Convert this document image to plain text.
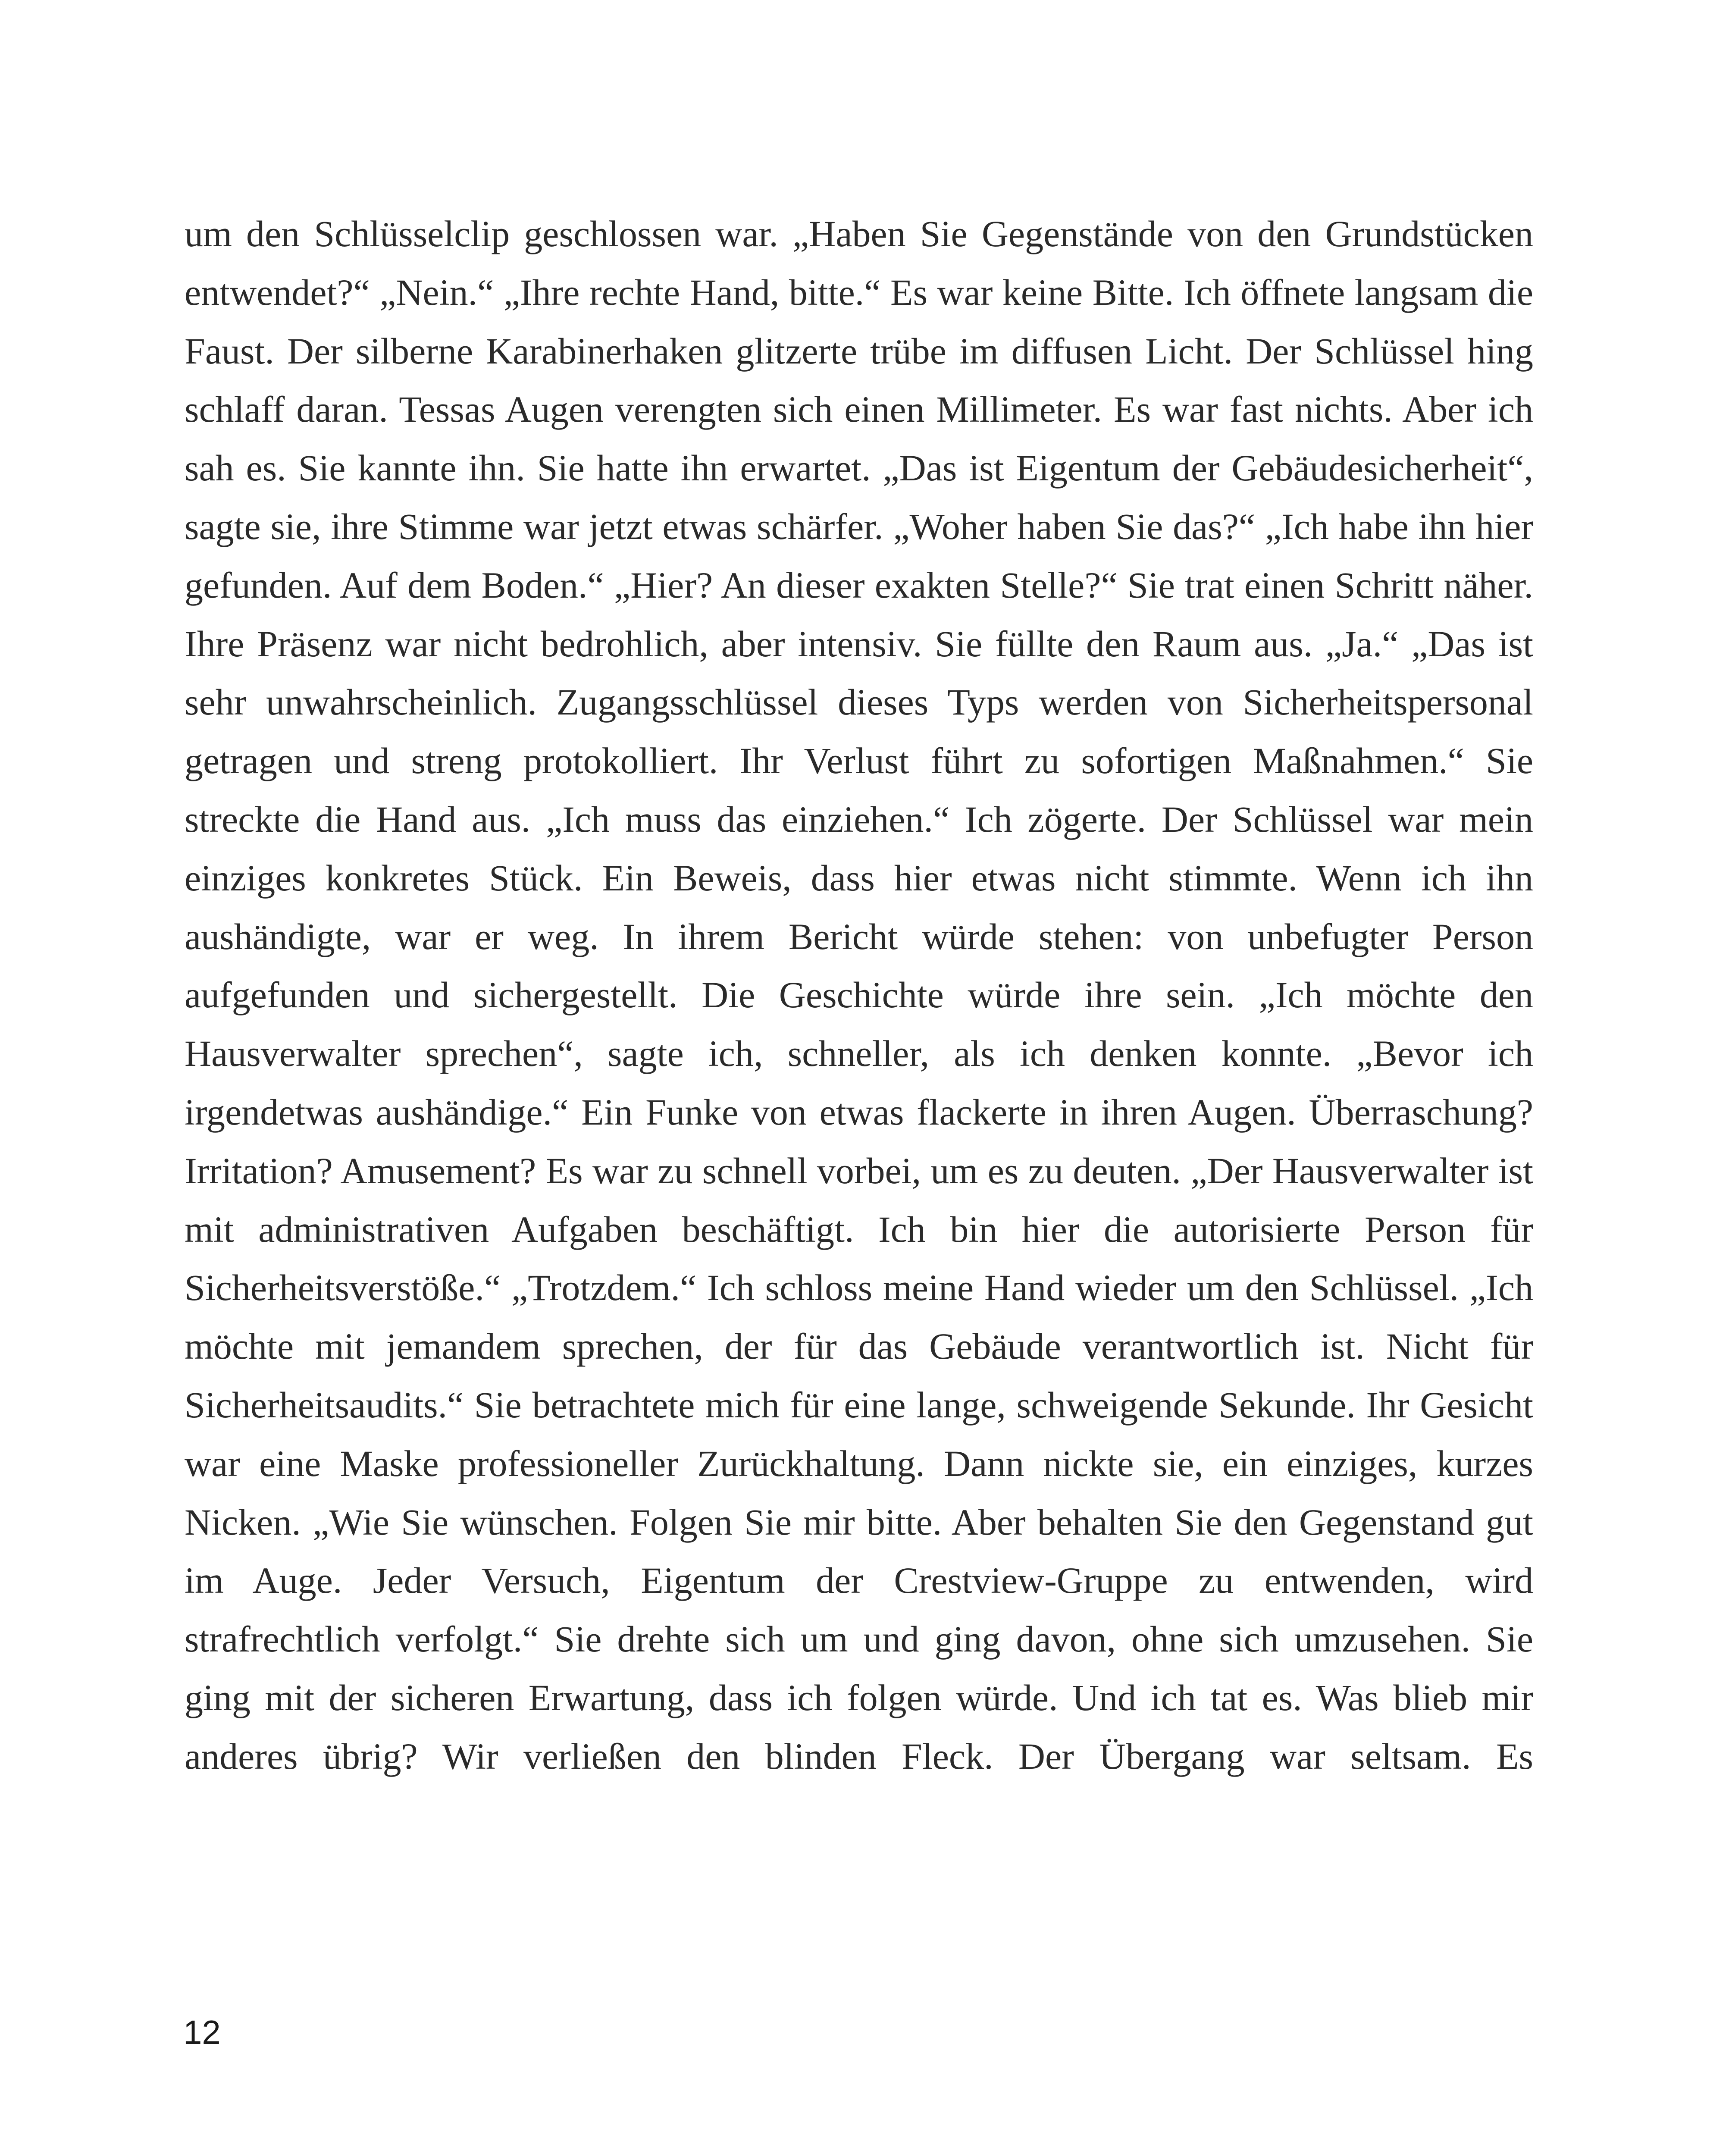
um den Schlüsselclip geschlossen war. „Haben Sie Gegenstände von den Grundstücken entwendet?“ „Nein.“ „Ihre rechte Hand, bitte.“ Es war keine Bitte. Ich öffnete langsam die Faust. Der silberne Karabinerhaken glitzerte trübe im diffusen Licht. Der Schlüssel hing schlaff daran. Tessas Augen verengten sich einen Millimeter. Es war fast nichts. Aber ich sah es. Sie kannte ihn. Sie hatte ihn erwartet. „Das ist Eigentum der Gebäudesicherheit“, sagte sie, ihre Stimme war jetzt etwas schärfer. „Woher haben Sie das?“ „Ich habe ihn hier gefunden. Auf dem Boden.“ „Hier? An dieser exakten Stelle?“ Sie trat einen Schritt näher. Ihre Präsenz war nicht bedrohlich, aber intensiv. Sie füllte den Raum aus. „Ja.“ „Das ist sehr unwahrscheinlich. Zugangsschlüssel dieses Typs werden von Sicherheitspersonal getragen und streng protokolliert. Ihr Verlust führt zu sofortigen Maßnahmen.“ Sie streckte die Hand aus. „Ich muss das einziehen.“ Ich zögerte. Der Schlüssel war mein einziges konkretes Stück. Ein Beweis, dass hier etwas nicht stimmte. Wenn ich ihn aushändigte, war er weg. In ihrem Bericht würde stehen: von unbefugter Person aufgefunden und sichergestellt. Die Geschichte würde ihre sein. „Ich möchte den Hausverwalter sprechen“, sagte ich, schneller, als ich denken konnte. „Bevor ich irgendetwas aushändige.“ Ein Funke von etwas flackerte in ihren Augen. Überraschung? Irritation? Amusement? Es war zu schnell vorbei, um es zu deuten. „Der Hausverwalter ist mit administrativen Aufgaben beschäftigt. Ich bin hier die autorisierte Person für Sicherheitsverstöße.“ „Trotzdem.“ Ich schloss meine Hand wieder um den Schlüssel. „Ich möchte mit jemandem sprechen, der für das Gebäude verantwortlich ist. Nicht für Sicherheitsaudits.“ Sie betrachtete mich für eine lange, schweigende Sekunde. Ihr Gesicht war eine Maske professioneller Zurückhaltung. Dann nickte sie, ein einziges, kurzes Nicken. „Wie Sie wünschen. Folgen Sie mir bitte. Aber behalten Sie den Gegenstand gut im Auge. Jeder Versuch, Eigentum der Crestview-Gruppe zu entwenden, wird strafrechtlich verfolgt.“ Sie drehte sich um und ging davon, ohne sich umzusehen. Sie ging mit der sicheren Erwartung, dass ich folgen würde. Und ich tat es. Was blieb mir anderes übrig? Wir verließen den blinden Fleck. Der Übergang war seltsam. Es

12
